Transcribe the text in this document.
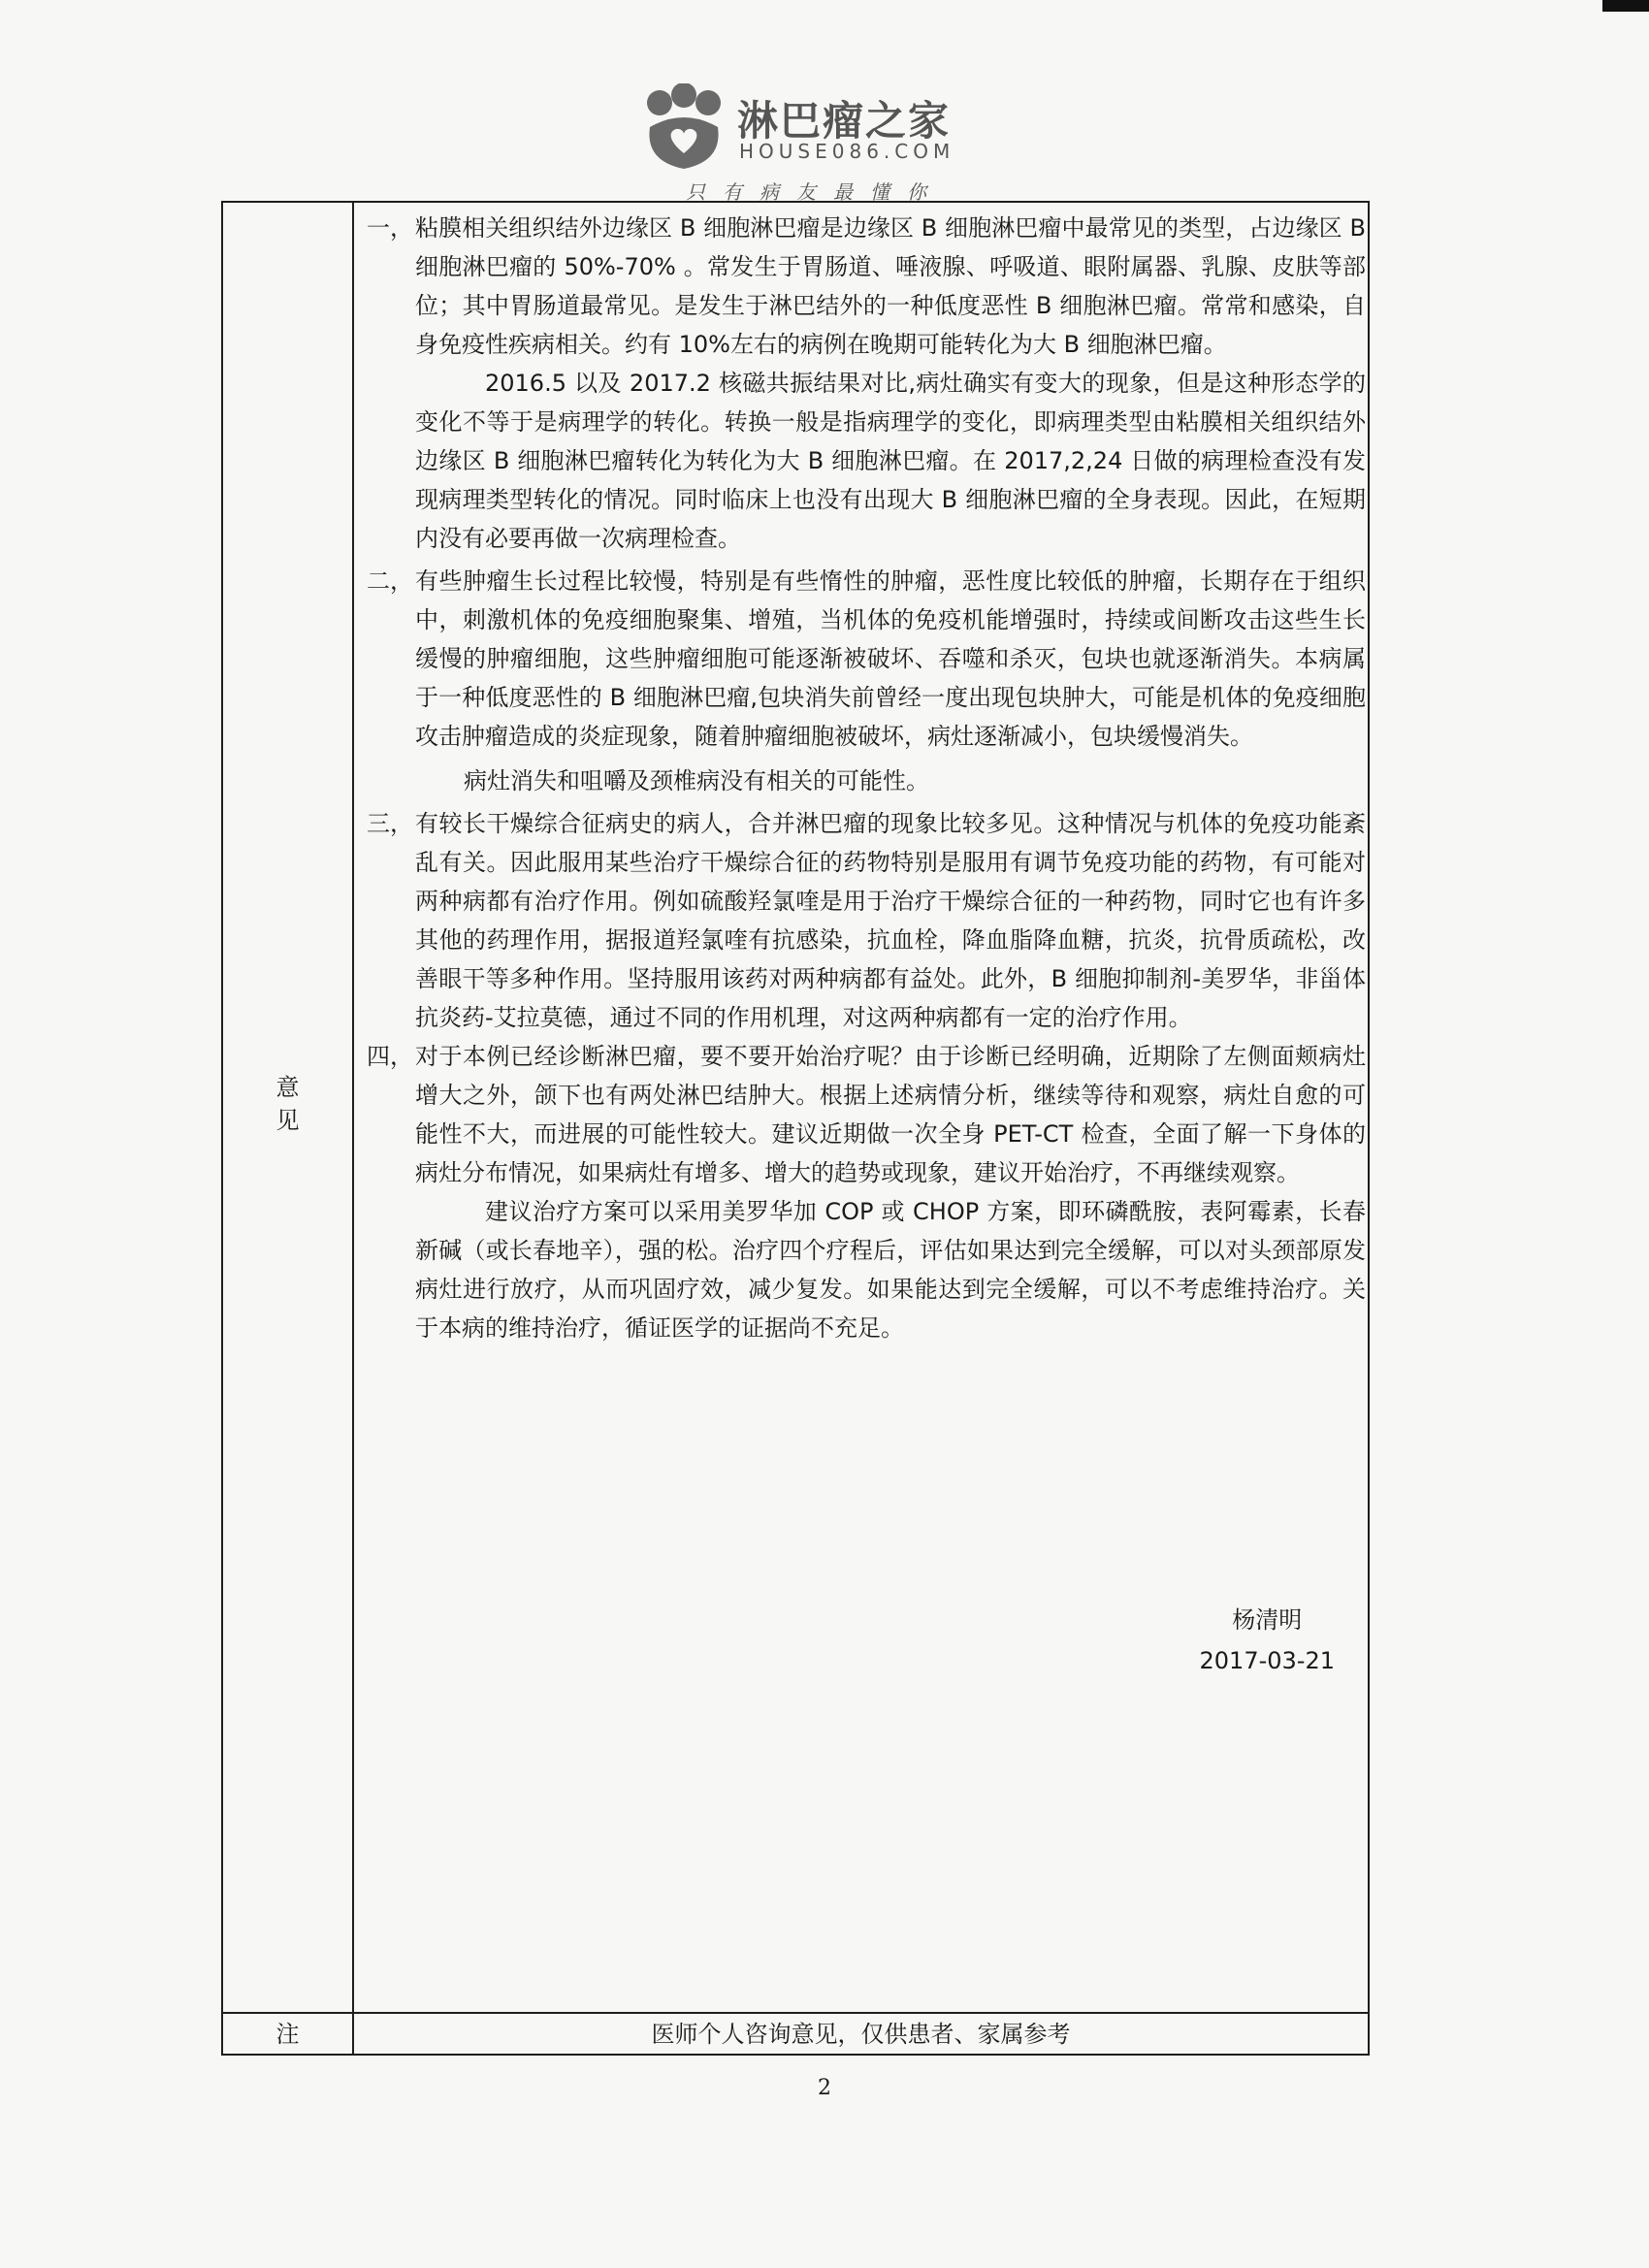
淋巴瘤之家
HOUSE086.COM
只有病友最懂你
意
见
一， 粘膜相关组织结外边缘区 B 细胞淋巴瘤是边缘区 B 细胞淋巴瘤中最常见的类型，占边缘区 B 细胞淋巴瘤的 50%-70% 。常发生于胃肠道、唾液腺、呼吸道、眼附属器、乳腺、皮肤等部位；其中胃肠道最常见。是发生于淋巴结外的一种低度恶性 B 细胞淋巴瘤。常常和感染，自身免疫性疾病相关。约有 10%左右的病例在晚期可能转化为大 B 细胞淋巴瘤。

2016.5 以及 2017.2 核磁共振结果对比,病灶确实有变大的现象，但是这种形态学的变化不等于是病理学的转化。转换一般是指病理学的变化，即病理类型由粘膜相关组织结外边缘区 B 细胞淋巴瘤转化为转化为大 B 细胞淋巴瘤。在 2017,2,24 日做的病理检查没有发现病理类型转化的情况。同时临床上也没有出现大 B 细胞淋巴瘤的全身表现。因此，在短期内没有必要再做一次病理检查。

二， 有些肿瘤生长过程比较慢，特别是有些惰性的肿瘤，恶性度比较低的肿瘤，长期存在于组织中，刺激机体的免疫细胞聚集、增殖，当机体的免疫机能增强时，持续或间断攻击这些生长缓慢的肿瘤细胞，这些肿瘤细胞可能逐渐被破坏、吞噬和杀灭，包块也就逐渐消失。本病属于一种低度恶性的 B 细胞淋巴瘤,包块消失前曾经一度出现包块肿大，可能是机体的免疫细胞攻击肿瘤造成的炎症现象，随着肿瘤细胞被破坏，病灶逐渐减小，包块缓慢消失。

病灶消失和咀嚼及颈椎病没有相关的可能性。

三， 有较长干燥综合征病史的病人，合并淋巴瘤的现象比较多见。这种情况与机体的免疫功能紊乱有关。因此服用某些治疗干燥综合征的药物特别是服用有调节免疫功能的药物，有可能对两种病都有治疗作用。例如硫酸羟氯喹是用于治疗干燥综合征的一种药物，同时它也有许多其他的药理作用，据报道羟氯喹有抗感染，抗血栓，降血脂降血糖，抗炎，抗骨质疏松，改善眼干等多种作用。坚持服用该药对两种病都有益处。此外，B 细胞抑制剂-美罗华，非甾体抗炎药-艾拉莫德，通过不同的作用机理，对这两种病都有一定的治疗作用。
四， 对于本例已经诊断淋巴瘤，要不要开始治疗呢？由于诊断已经明确，近期除了左侧面颊病灶增大之外，颌下也有两处淋巴结肿大。根据上述病情分析，继续等待和观察，病灶自愈的可能性不大，而进展的可能性较大。建议近期做一次全身 PET-CT 检查，全面了解一下身体的病灶分布情况，如果病灶有增多、增大的趋势或现象，建议开始治疗，不再继续观察。

建议治疗方案可以采用美罗华加 COP 或 CHOP 方案，即环磷酰胺，表阿霉素，长春新碱（或长春地辛），强的松。治疗四个疗程后，评估如果达到完全缓解，可以对头颈部原发病灶进行放疗，从而巩固疗效，减少复发。如果能达到完全缓解，可以不考虑维持治疗。关于本病的维持治疗，循证医学的证据尚不充足。

杨清明
2017-03-21
注	医师个人咨询意见，仅供患者、家属参考
2
